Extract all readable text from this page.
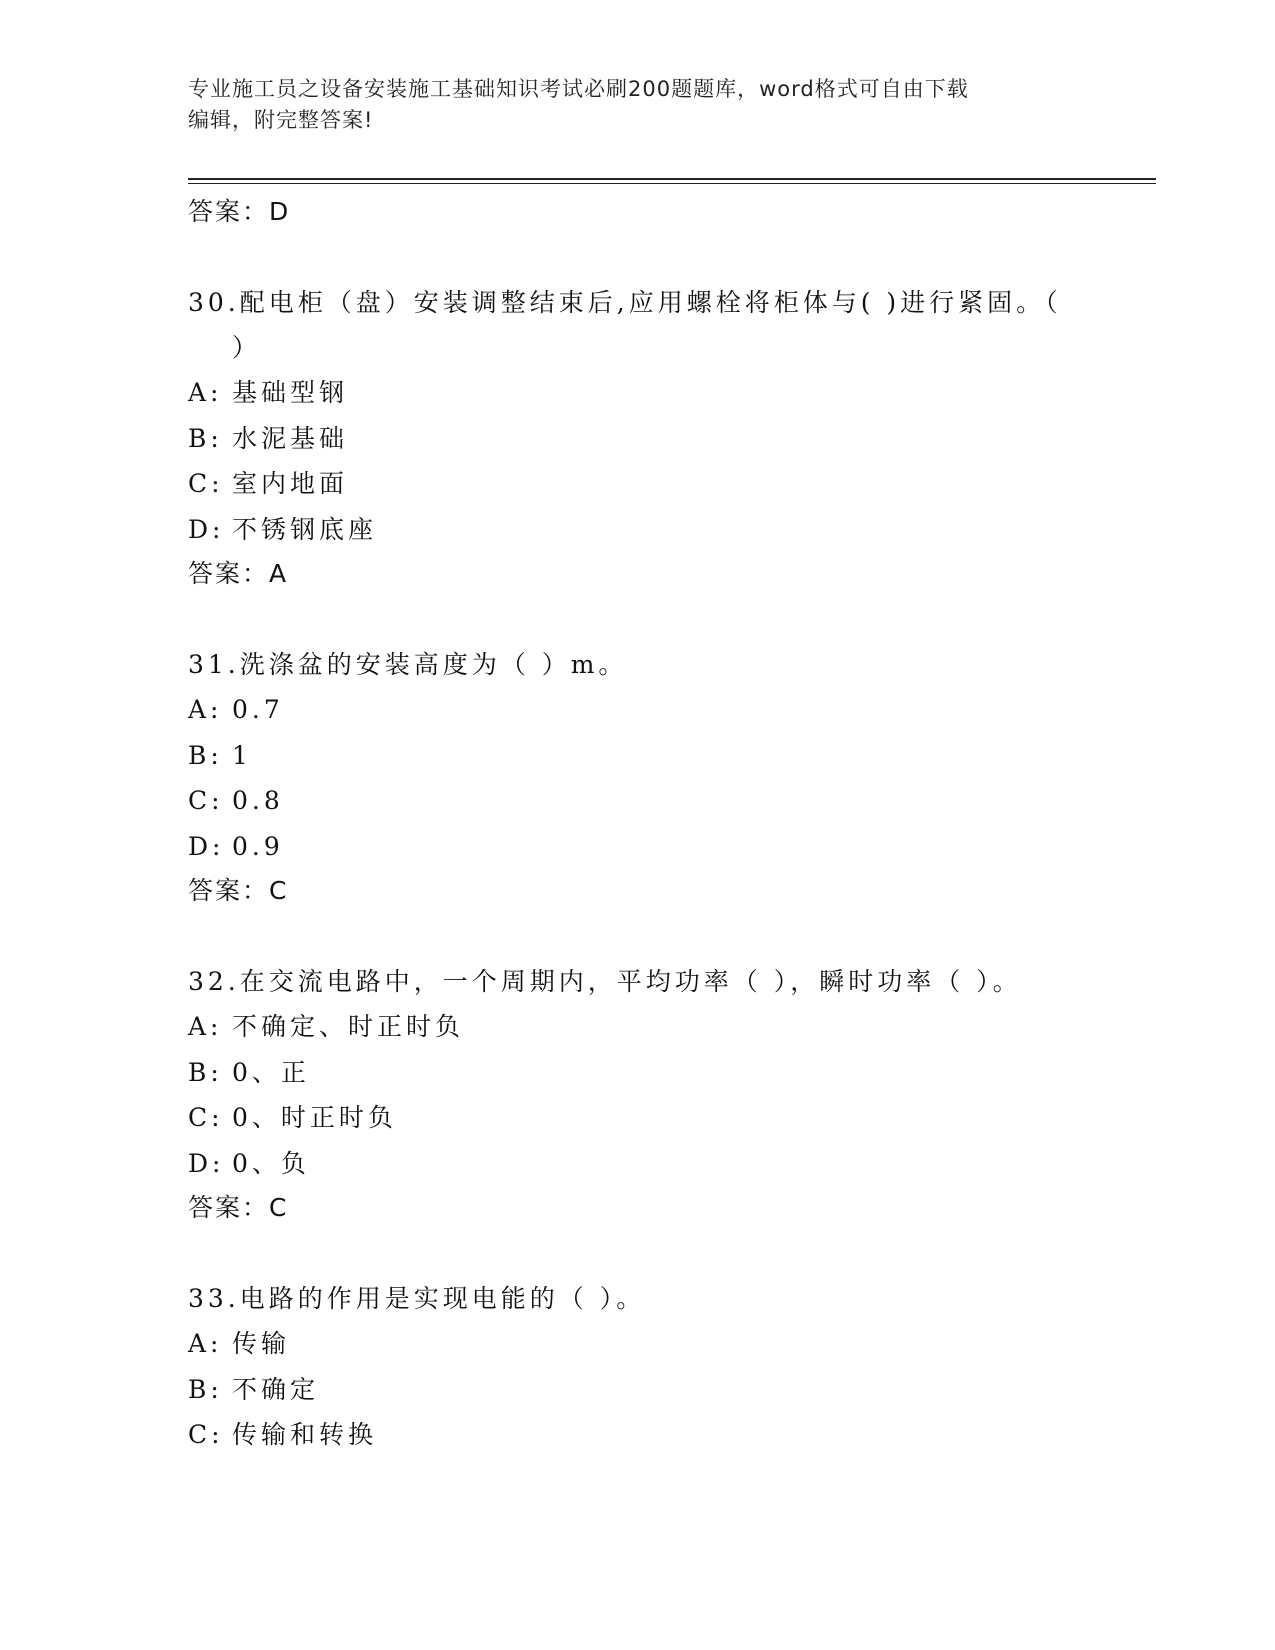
专业施工员之设备安装施工基础知识考试必刷200题题库，word格式可自由下载
编辑，附完整答案!

答案：D

30.配电柜（盘）安装调整结束后,应用螺栓将柜体与( )进行紧固。（
）

A: 基础型钢

B: 水泥基础

C: 室内地面

D: 不锈钢底座

答案：A

31.洗涤盆的安装高度为（ ）m。

A: 0.7

B: 1

C: 0.8

D: 0.9

答案：C

32.在交流电路中，一个周期内，平均功率（ ），瞬时功率（ ）。

A: 不确定、时正时负

B: 0、正

C: 0、时正时负

D: 0、负

答案：C

33.电路的作用是实现电能的（ ）。

A: 传输

B: 不确定

C: 传输和转换
